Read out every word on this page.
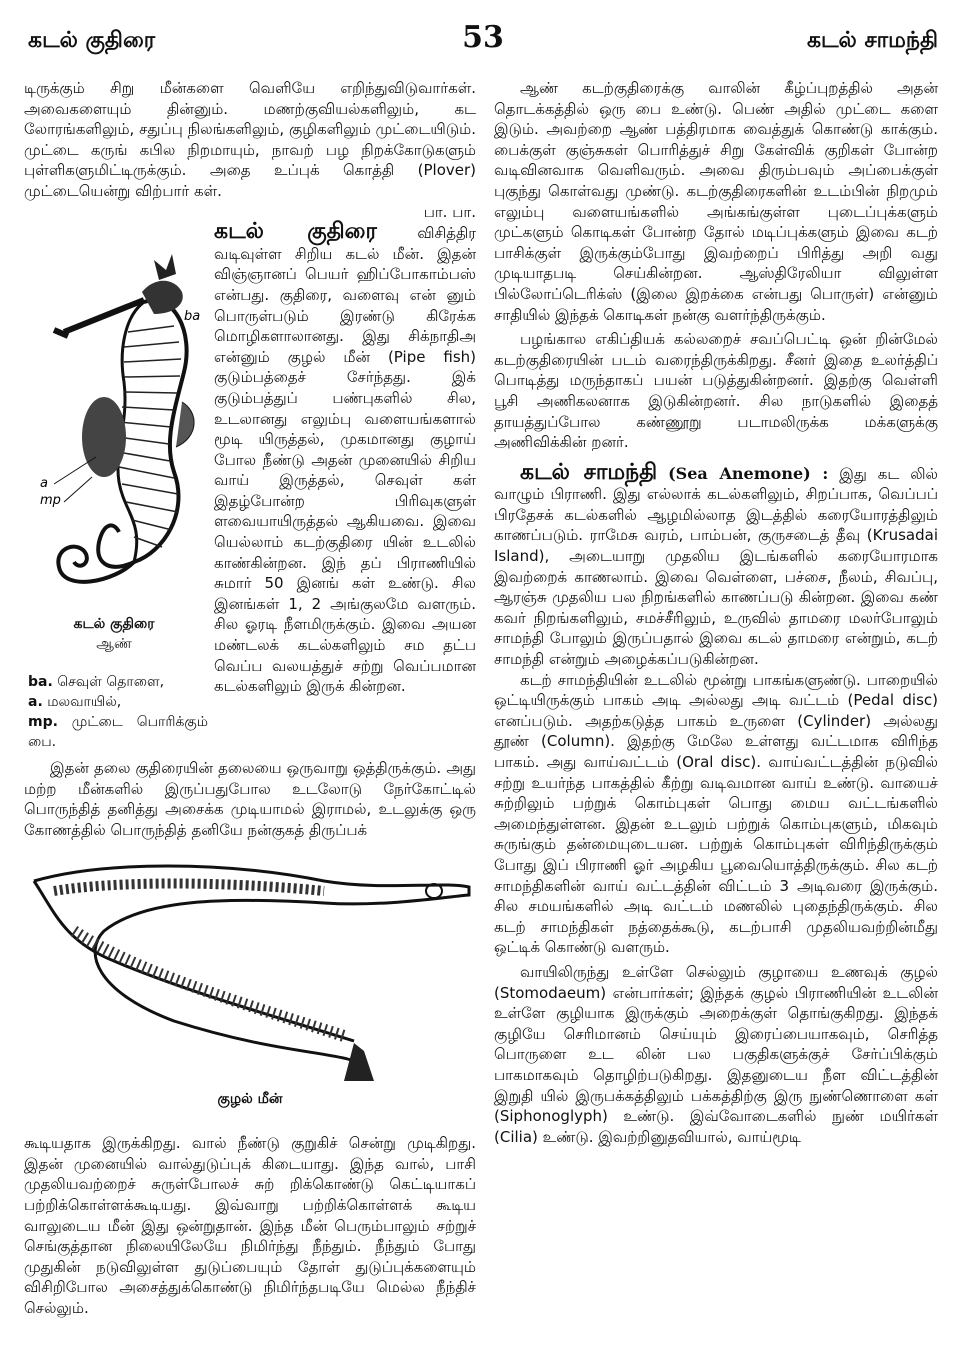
கடல் குதிரை	53	கடல் சாமந்தி

டிருக்கும் சிறு மீன்களை வெளியே எறிந்துவிடுவார்கள். அவைகளையும் தின்னும். மணற்குவியல்களிலும், கட லோரங்களிலும், சதுப்பு நிலங்களிலும், குழிகளிலும் முட்டையிடும். முட்டை கருங் கபில நிறமாயும், நாவற் பழ நிறக்கோடுகளும் புள்ளிகளுமிட்டிருக்கும். அதை உப்புக் கொத்தி (Plover) முட்டையென்று விற்பார் கள்.

பா. பா.

ba
a
mp
கடல் குதிரை
ஆண்
ba. செவுள் தொளை,
a. மலவாயில்,
mp. முட்டை பொரிக்கும் பை.
கடல் குதிரை	விசித்திர வடிவுள்ள சிறிய கடல் மீன். இதன் விஞ்ஞானப் பெயர் ஹிப்போகாம்பஸ் என்பது. குதிரை, வளைவு என் னும் பொருள்படும் இரண்டு கிரேக்க மொழிகளாலானது. இது சிக்நாதிஅ என்னும் குழல் மீன் (Pipe fish) குடும்பத்தைச் சேர்ந்தது. இக் குடும்பத்துப் பண்புகளில் சில, உடலானது எலும்பு வளையங்களால் மூடி யிருத்தல், முகமானது குழாய் போல நீண்டு அதன் முனையில் சிறிய வாய் இருத்தல், செவுள் கள் இதழ்போன்ற பிரிவுகளுள் ளவையாயிருத்தல் ஆகியவை. இவை யெல்லாம் கடற்குதிரை யின் உடலில் காண்கின்றன. இந் தப் பிராணியில் சுமார் 50 இனங் கள் உண்டு. சில இனங்கள் 1, 2 அங்குலமே வளரும். சில ஓரடி நீளமிருக்கும். இவை அயன மண்டலக் கடல்களிலும் சம தட்ப வெப்ப வலயத்துச் சற்று வெப்பமான கடல்களிலும் இருக் கின்றன.

இதன் தலை குதிரையின் தலையை ஒருவாறு ஒத்திருக்கும். அது மற்ற மீன்களில் இருப்பதுபோல உடலோடு நேர்கோட்டில் பொருந்தித் தனித்து அசைக்க முடியாமல் இராமல், உடலுக்கு ஒரு கோணத்தில் பொருந்தித் தனியே நன்குகத் திருப்பக்

குழல் மீன்

கூடியதாக இருக்கிறது. வால் நீண்டு குறுகிச் சென்று முடிகிறது. இதன் முனையில் வால்துடுப்புக் கிடையாது. இந்த வால், பாசி முதலியவற்றைச் சுருள்போலச் சுற் றிக்கொண்டு கெட்டியாகப் பற்றிக்கொள்ளக்கூடியது. இவ்வாறு பற்றிக்கொள்ளக் கூடிய வாலுடைய மீன் இது ஒன்றுதான். இந்த மீன் பெரும்பாலும் சற்றுச் செங்குத்தான நிலையிலேயே நிமிர்ந்து நீந்தும். நீந்தும் போது முதுகின் நடுவிலுள்ள துடுப்பையும் தோள் துடுப்புக்களையும் விசிறிபோல அசைத்துக்கொண்டு நிமிர்ந்தபடியே மெல்ல நீந்திச் செல்லும்.

ஆண் கடற்குதிரைக்கு வாலின் கீழ்ப்புறத்தில் அதன் தொடக்கத்தில் ஒரு பை உண்டு. பெண் அதில் முட்டை களை இடும். அவற்றை ஆண் பத்திரமாக வைத்துக் கொண்டு காக்கும். பைக்குள் குஞ்சுகள் பொரித்துச் சிறு கேள்விக் குறிகள் போன்ற வடிவினவாக வெளிவரும். அவை திரும்பவும் அப்பைக்குள் புகுந்து கொள்வது முண்டு. கடற்குதிரைகளின் உடம்பின் நிறமும் எலும்பு வளையங்களில் அங்கங்குள்ள புடைப்புக்களும் முட்களும் கொடிகள் போன்ற தோல் மடிப்புக்களும் இவை கடற் பாசிக்குள் இருக்கும்போது இவற்றைப் பிரித்து அறி வது முடியாதபடி செய்கின்றன. ஆஸ்திரேலியா விலுள்ள பில்லோப்டெரிக்ஸ் (இலை இறக்கை என்பது பொருள்) என்னும் சாதியில் இந்தக் கொடிகள் நன்கு வளர்ந்திருக்கும்.

பழங்கால எகிப்தியக் கல்லறைச் சவப்பெட்டி ஒன் றின்மேல் கடற்குதிரையின் படம் வரைந்திருக்கிறது. சீனர் இதை உலர்த்திப் பொடித்து மருந்தாகப் பயன் படுத்துகின்றனர். இதற்கு வெள்ளி பூசி அணிகலனாக இடுகின்றனர். சில நாடுகளில் இதைத் தாயத்துப்போல கண்ணூறு படாமலிருக்க மக்களுக்கு அணிவிக்கின் றனர்.

கடல் சாமந்தி (Sea Anemone) : இது கட லில் வாழும் பிராணி. இது எல்லாக் கடல்களிலும், சிறப்பாக, வெப்பப் பிரதேசக் கடல்களில் ஆழமில்லாத இடத்தில் கரையோரத்திலும் காணப்படும். ராமேசு வரம், பாம்பன், குருசடைத் தீவு (Krusadai Island), அடையாறு முதலிய இடங்களில் கரையோரமாக இவற்றைக் காணலாம். இவை வெள்ளை, பச்சை, நீலம், சிவப்பு, ஆரஞ்சு முதலிய பல நிறங்களில் காணப்படு கின்றன. இவை கண் கவர் நிறங்களிலும், சமச்சீரிலும், உருவில் தாமரை மலர்போலும் சாமந்தி போலும் இருப்பதால் இவை கடல் தாமரை என்றும், கடற் சாமந்தி என்றும் அழைக்கப்படுகின்றன.

கடற் சாமந்தியின் உடலில் மூன்று பாகங்களுண்டு. பாறையில் ஒட்டியிருக்கும் பாகம் அடி அல்லது அடி வட்டம் (Pedal disc) எனப்படும். அதற்கடுத்த பாகம் உருளை (Cylinder) அல்லது தூண் (Column). இதற்கு மேலே உள்ளது வட்டமாக விரிந்த பாகம். அது வாய்வட்டம் (Oral disc). வாய்வட்டத்தின் நடுவில் சற்று உயர்ந்த பாகத்தில் கீற்று வடிவமான வாய் உண்டு. வாயைச் சுற்றிலும் பற்றுக் கொம்புகள் பொது மைய வட்டங்களில் அமைந்துள்ளன. இதன் உடலும் பற்றுக் கொம்புகளும், மிகவும் சுருங்கும் தன்மையுடையன. பற்றுக் கொம்புகள் விரிந்திருக்கும் போது இப் பிராணி ஓர் அழகிய பூவையொத்திருக்கும். சில கடற் சாமந்திகளின் வாய் வட்டத்தின் விட்டம் 3 அடிவரை இருக்கும். சில சமயங்களில் அடி வட்டம் மணலில் புதைந்திருக்கும். சில கடற் சாமந்திகள் நத்தைக்கூடு, கடற்பாசி முதலியவற்றின்மீது ஒட்டிக் கொண்டு வளரும்.

வாயிலிருந்து உள்ளே செல்லும் குழாயை உணவுக் குழல் (Stomodaeum) என்பார்கள்; இந்தக் குழல் பிராணியின் உடலின் உள்ளே குழியாக இருக்கும் அறைக்குள் தொங்குகிறது. இந்தக் குழியே செரிமானம் செய்யும் இரைப்பையாகவும், செரித்த பொருளை உட லின் பல பகுதிகளுக்குச் சேர்ப்பிக்கும் பாகமாகவும் தொழிற்படுகிறது. இதனுடைய நீள விட்டத்தின் இறுதி யில் இருபக்கத்திலும் பக்கத்திற்கு இரு நுண்ணொளை கள் (Siphonoglyph) உண்டு. இவ்வோடைகளில் நுண் மயிர்கள் (Cilia) உண்டு. இவற்றினுதவியால், வாய்மூடி
